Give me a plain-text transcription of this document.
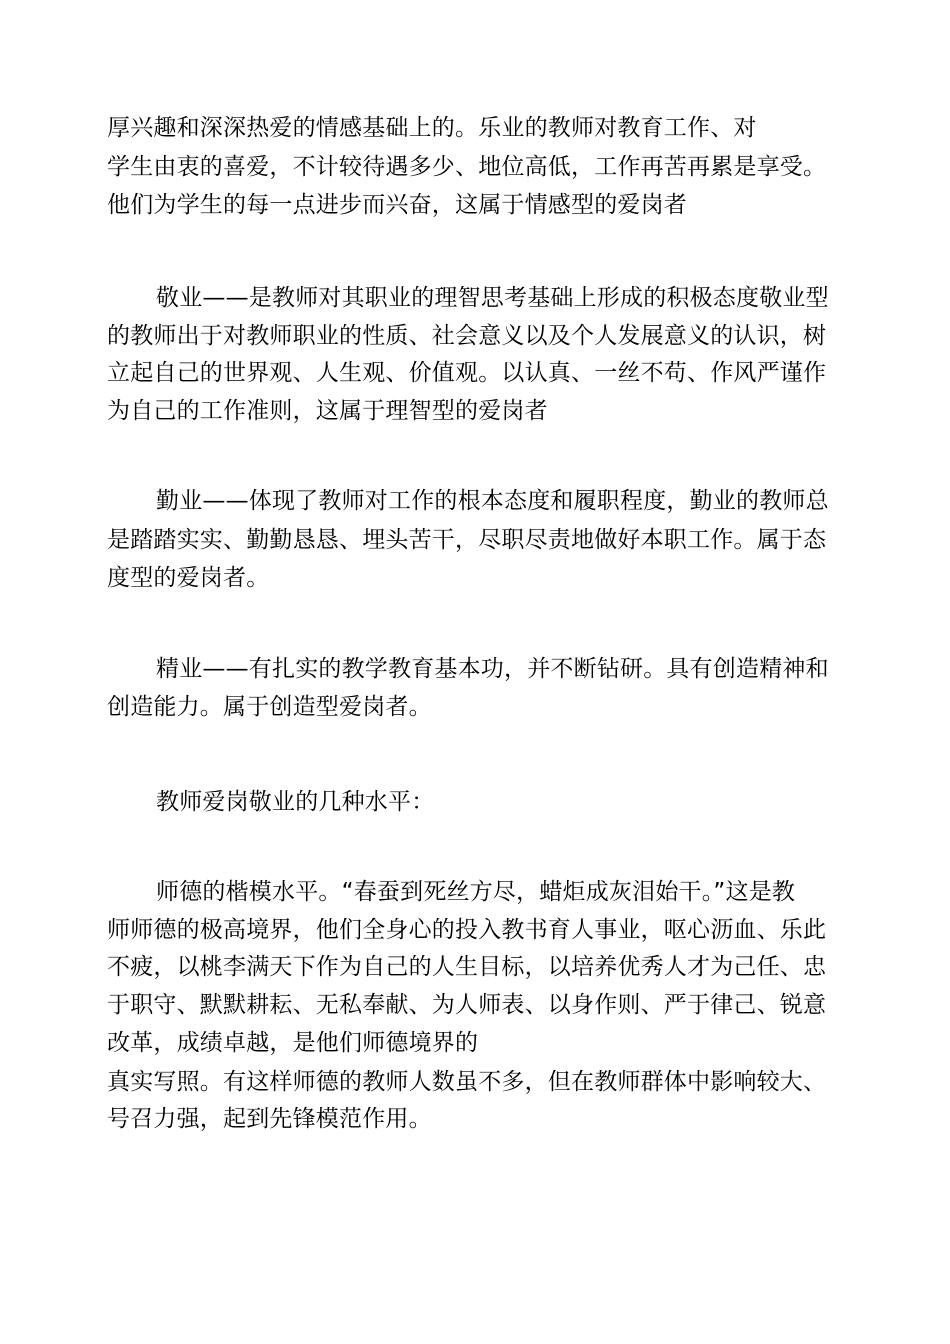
厚兴趣和深深热爱的情感基础上的。乐业的教师对教育工作、对
学生由衷的喜爱，不计较待遇多少、地位高低，工作再苦再累是享受。
他们为学生的每一点进步而兴奋，这属于情感型的爱岗者
敬业——是教师对其职业的理智思考基础上形成的积极态度敬业型
的教师出于对教师职业的性质、社会意义以及个人发展意义的认识，树
立起自己的世界观、人生观、价值观。以认真、一丝不苟、作风严谨作
为自己的工作准则，这属于理智型的爱岗者
勤业——体现了教师对工作的根本态度和履职程度，勤业的教师总
是踏踏实实、勤勤恳恳、埋头苦干，尽职尽责地做好本职工作。属于态
度型的爱岗者。
精业——有扎实的教学教育基本功，并不断钻研。具有创造精神和
创造能力。属于创造型爱岗者。
教师爱岗敬业的几种水平：
师德的楷模水平。“春蚕到死丝方尽，蜡炬成灰泪始干。”这是教
师师德的极高境界，他们全身心的投入教书育人事业，呕心沥血、乐此
不疲，以桃李满天下作为自己的人生目标，以培养优秀人才为己任、忠
于职守、默默耕耘、无私奉献、为人师表、以身作则、严于律己、锐意
改革，成绩卓越，是他们师德境界的
真实写照。有这样师德的教师人数虽不多，但在教师群体中影响较大、
号召力强，起到先锋模范作用。
